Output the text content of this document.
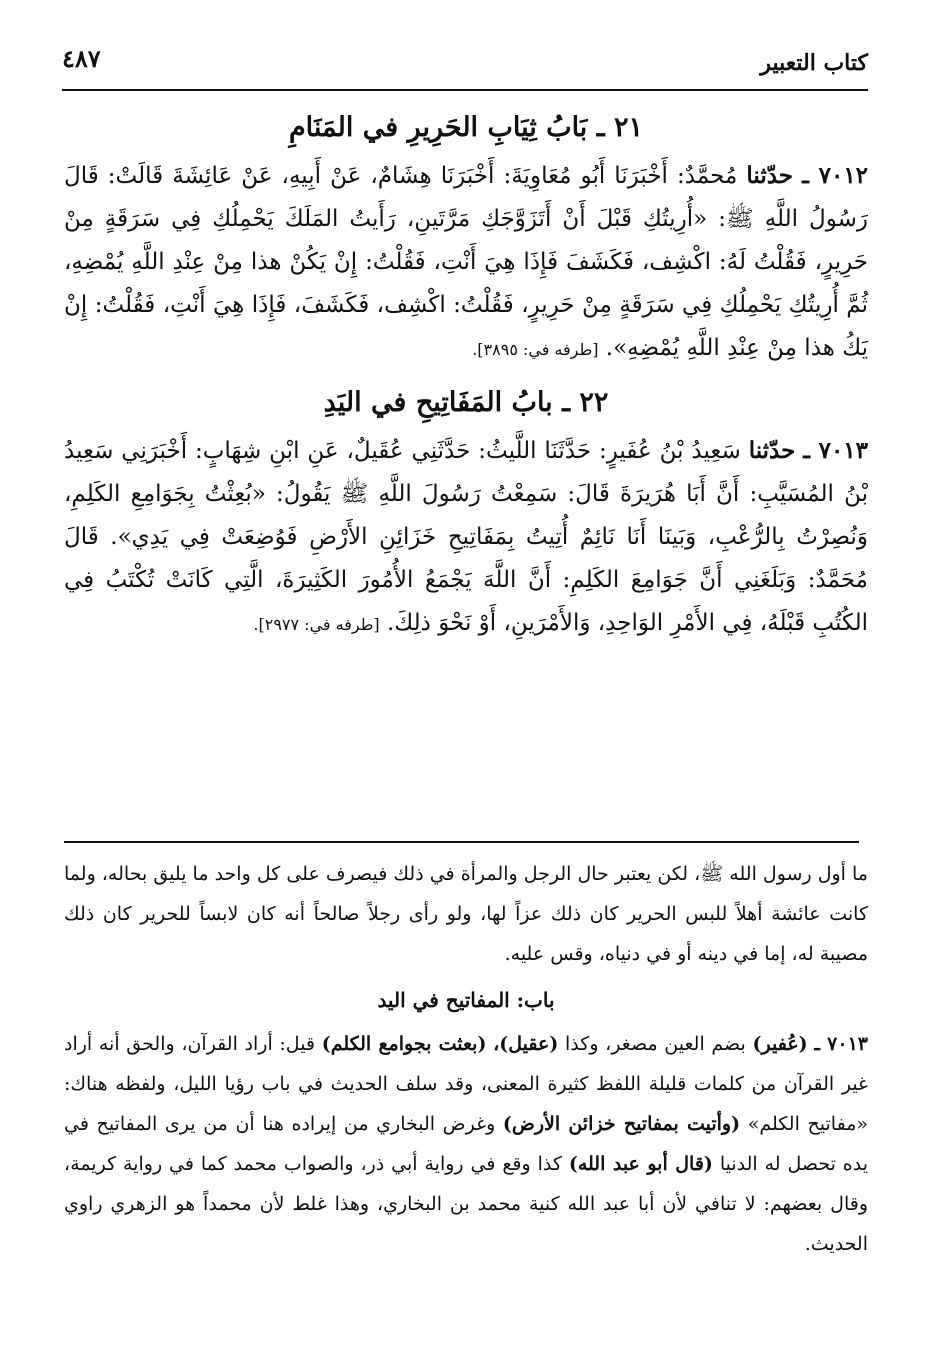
كتاب التعبير
٤٨٧
٢١ ـ بَابُ ثِيَابِ الحَرِيرِ في المَنَامِ

٧٠١٢ ـ حدّثنا مُحمَّدٌ: أَخْبَرَنَا أَبُو مُعَاوِيَةَ: أَخْبَرَنَا هِشَامٌ، عَنْ أَبِيهِ، عَنْ عَائِشَةَ قَالَتْ: قَالَ رَسُولُ اللَّهِ ﷺ: «أُرِيتُكِ قَبْلَ أَنْ أَتَزَوَّجَكِ مَرَّتَينِ، رَأَيتُ المَلَكَ يَحْمِلُكِ فِي سَرَقَةٍ مِنْ حَرِيرٍ، فَقُلْتُ لَهُ: اكْشِف، فَكَشَفَ فَإِذَا هِيَ أَنْتِ، فَقُلْتُ: إِنْ يَكُنْ هذا مِنْ عِنْدِ اللَّهِ يُمْضِهِ، ثُمَّ أُرِيتُكِ يَحْمِلُكِ فِي سَرَقَةٍ مِنْ حَرِيرٍ، فَقُلْتُ: اكْشِف، فَكَشَفَ، فَإِذَا هِيَ أَنْتِ، فَقُلْتُ: إِنْ يَكُ هذا مِنْ عِنْدِ اللَّهِ يُمْضِهِ». [طرفه في: ٣٨٩٥].

٢٢ ـ بابُ المَفَاتِيحِ في اليَدِ

٧٠١٣ ـ حدّثنا سَعِيدُ بْنُ عُفَيرٍ: حَدَّثَنَا اللَّيثُ: حَدَّثَنِي عُقَيلٌ، عَنِ ابْنِ شِهَابٍ: أَخْبَرَنِي سَعِيدُ بْنُ المُسَيَّبِ: أَنَّ أَبَا هُرَيرَةَ قَالَ: سَمِعْتُ رَسُولَ اللَّهِ ﷺ يَقُولُ: «بُعِثْتُ بِجَوَامِعِ الكَلِمِ، وَنُصِرْتُ بِالرُّعْبِ، وَبَينَا أَنَا نَائِمٌ أُتِيتُ بِمَفَاتِيحِ خَزَائِنِ الأَرْضِ فَوُضِعَتْ فِي يَدِي». قَالَ مُحَمَّدٌ: وَبَلَغَنِي أَنَّ جَوَامِعَ الكَلِمِ: أَنَّ اللَّهَ يَجْمَعُ الأُمُورَ الكَثِيرَةَ، الَّتِي كَانَتْ تُكْتَبُ فِي الكُتُبِ قَبْلَهُ، فِي الأَمْرِ الوَاحِدِ، وَالأَمْرَينِ، أَوْ نَحْوَ ذلِكَ. [طرفه في: ٢٩٧٧].

ما أول رسول الله ﷺ، لكن يعتبر حال الرجل والمرأة في ذلك فيصرف على كل واحد ما يليق بحاله، ولما كانت عائشة أهلاً للبس الحرير كان ذلك عزاً لها، ولو رأى رجلاً صالحاً أنه كان لابساً للحرير كان ذلك مصيبة له، إما في دينه أو في دنياه، وقس عليه.

باب: المفاتيح في اليد

٧٠١٣ ـ (عُفير) بضم العين مصغر، وكذا (عقيل)، (بعثت بجوامع الكلم) قيل: أراد القرآن، والحق أنه أراد غير القرآن من كلمات قليلة اللفظ كثيرة المعنى، وقد سلف الحديث في باب رؤيا الليل، ولفظه هناك: «مفاتيح الكلم» (وأتيت بمفاتيح خزائن الأرض) وغرض البخاري من إيراده هنا أن من يرى المفاتيح في يده تحصل له الدنيا (قال أبو عبد الله) كذا وقع في رواية أبي ذر، والصواب محمد كما في رواية كريمة، وقال بعضهم: لا تنافي لأن أبا عبد الله كنية محمد بن البخاري، وهذا غلط لأن محمداً هو الزهري راوي الحديث.
